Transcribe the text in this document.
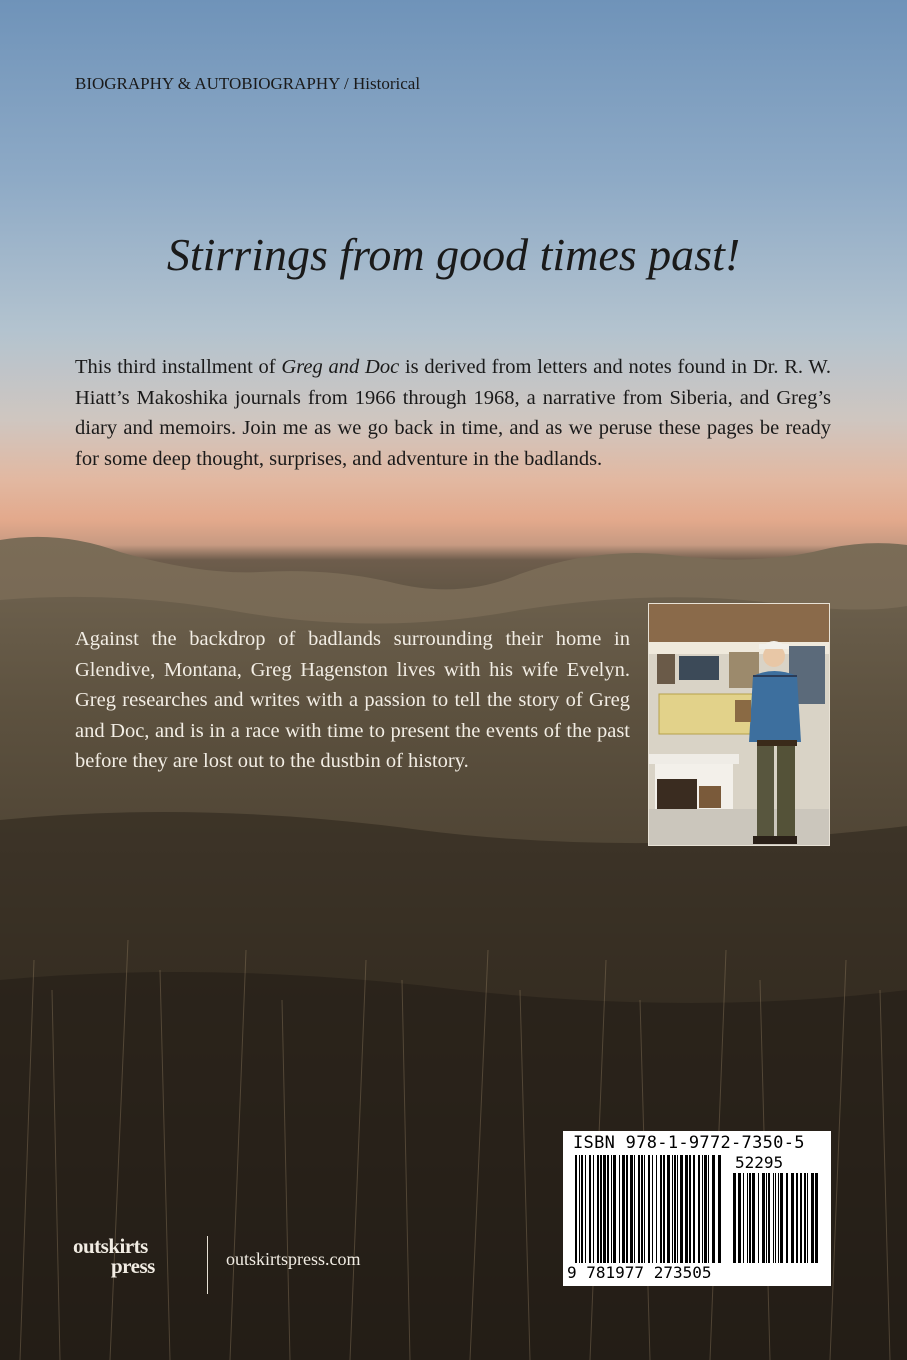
BIOGRAPHY & AUTOBIOGRAPHY / Historical
Stirrings from good times past!
This third installment of Greg and Doc is derived from letters and notes found in Dr. R. W. Hiatt’s Makoshika journals from 1966 through 1968, a narrative from Siberia, and Greg’s diary and memoirs. Join me as we go back in time, and as we peruse these pages be ready for some deep thought, surprises, and adventure in the badlands.
Against the backdrop of badlands surrounding their home in Glendive, Montana, Greg Hagenston lives with his wife Evelyn. Greg researches and writes with a passion to tell the story of Greg and Doc, and is in a race with time to present the events of the past before they are lost out to the dustbin of history.
ISBN 978-1-9772-7350-5
52295
9 781977 273505
outskirts
press	outskirtspress.com
